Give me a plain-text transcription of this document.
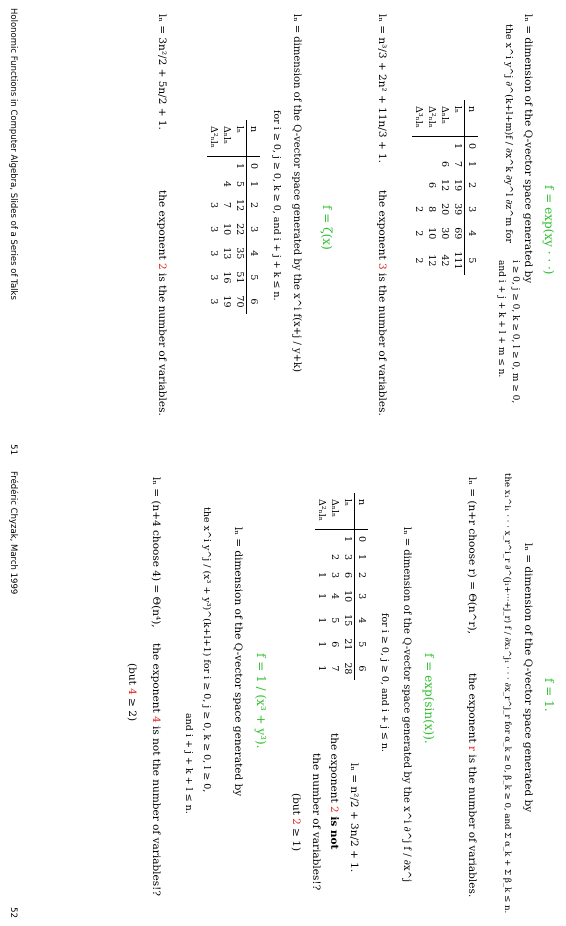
f = exp(xy · · ·)
lₙ = dimension of the Q-vector space generated by
the x^i y^j ∂^(k+l+m)f / ∂x^k ∂y^l ∂z^m for
i ≥ 0, j ≥ 0, k ≥ 0, l ≥ 0, m ≥ 0,
and i + j + k + l + m ≤ n.
n	0	1	2	3	4	5
lₙ	1	7	19	39	69	111
Δₙlₙ		6	12	20	30	42
Δ²ₙlₙ			6	8	10	12
Δ³ₙlₙ				2	2	2
lₙ = n³/3 + 2n² + 11n/3 + 1.
the exponent 3 is the number of variables.
f = ζ(x)
lₙ = dimension of the Q-vector space generated by the x^i f(x+j / y+k)
for i ≥ 0, j ≥ 0, k ≥ 0, and i + j + k ≤ n.
n	0	1	2	3	4	5	6
lₙ	1	5	12	22	35	51	70
Δₙlₙ		4	7	10	13	16	19
Δ²ₙlₙ			3	3	3	3	3
lₙ = 3n²/2 + 5n/2 + 1.
the exponent 2 is the number of variables.
Holonomic Functions in Computer Algebra, Slides of a Series of Talks
51
f = 1.
lₙ = dimension of the Q-vector space generated by
the x₁^i₁ · · · x_r^i_r ∂^(j₁+···+j_r) f / ∂x₁^j₁ · · · ∂x_r^j_r for α_k ≥ 0, β_k ≥ 0, and Σ α_k + Σ β_k ≤ n.
lₙ = (n+r choose r) = Θ(n^r),
the exponent r is the number of variables.
f = exp(sin(x)).
lₙ = dimension of the Q-vector space generated by the x^i ∂^j f / ∂x^j
for i ≥ 0, j ≥ 0, and i + j ≤ n.
n	0	1	2	3	4	5	6
lₙ	1	3	6	10	15	21	28
Δₙlₙ		2	3	4	5	6	7
Δ²ₙlₙ			1	1	1	1	1
lₙ = n²/2 + 3n/2 + 1.
the exponent 2 is not
the number of variables!?
(but 2 ≥ 1)
f = 1 / (x³ + y³).
lₙ = dimension of the Q-vector space generated by
the x^i y^j / (x³ + y³)^(k+l+1) for i ≥ 0, j ≥ 0, k ≥ 0, l ≥ 0,
and i + j + k + l ≤ n.
lₙ = (n+4 choose 4) = Θ(n⁴),
the exponent 4 is not the number of variables!?
(but 4 ≥ 2)
Frédéric Chyzak, March 1999
52
